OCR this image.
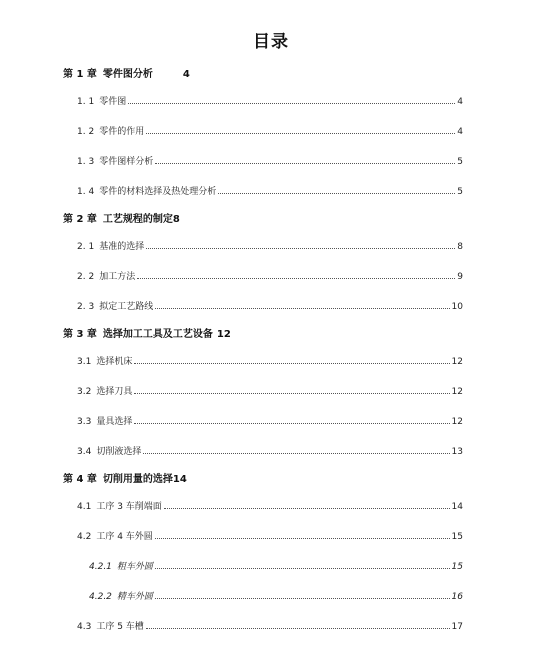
目录
第 1 章 零件图分析	4
1. 1 零件图	4
1. 2 零件的作用	4
1. 3 零件图样分析	5
1. 4 零件的材料选择及热处理分析	5
第 2 章 工艺规程的制定8
2. 1 基准的选择	8
2. 2 加工方法	9
2. 3 拟定工艺路线	10
第 3 章 选择加工工具及工艺设备 12
3.1 选择机床	12
3.2 选择刀具	12
3.3 量具选择	12
3.4 切削液选择	13
第 4 章 切削用量的选择14
4.1 工序 3 车削端面	14
4.2 工序 4 车外圆	15
4.2.1 粗车外圆	15
4.2.2 精车外圆	16
4.3 工序 5 车槽	17
